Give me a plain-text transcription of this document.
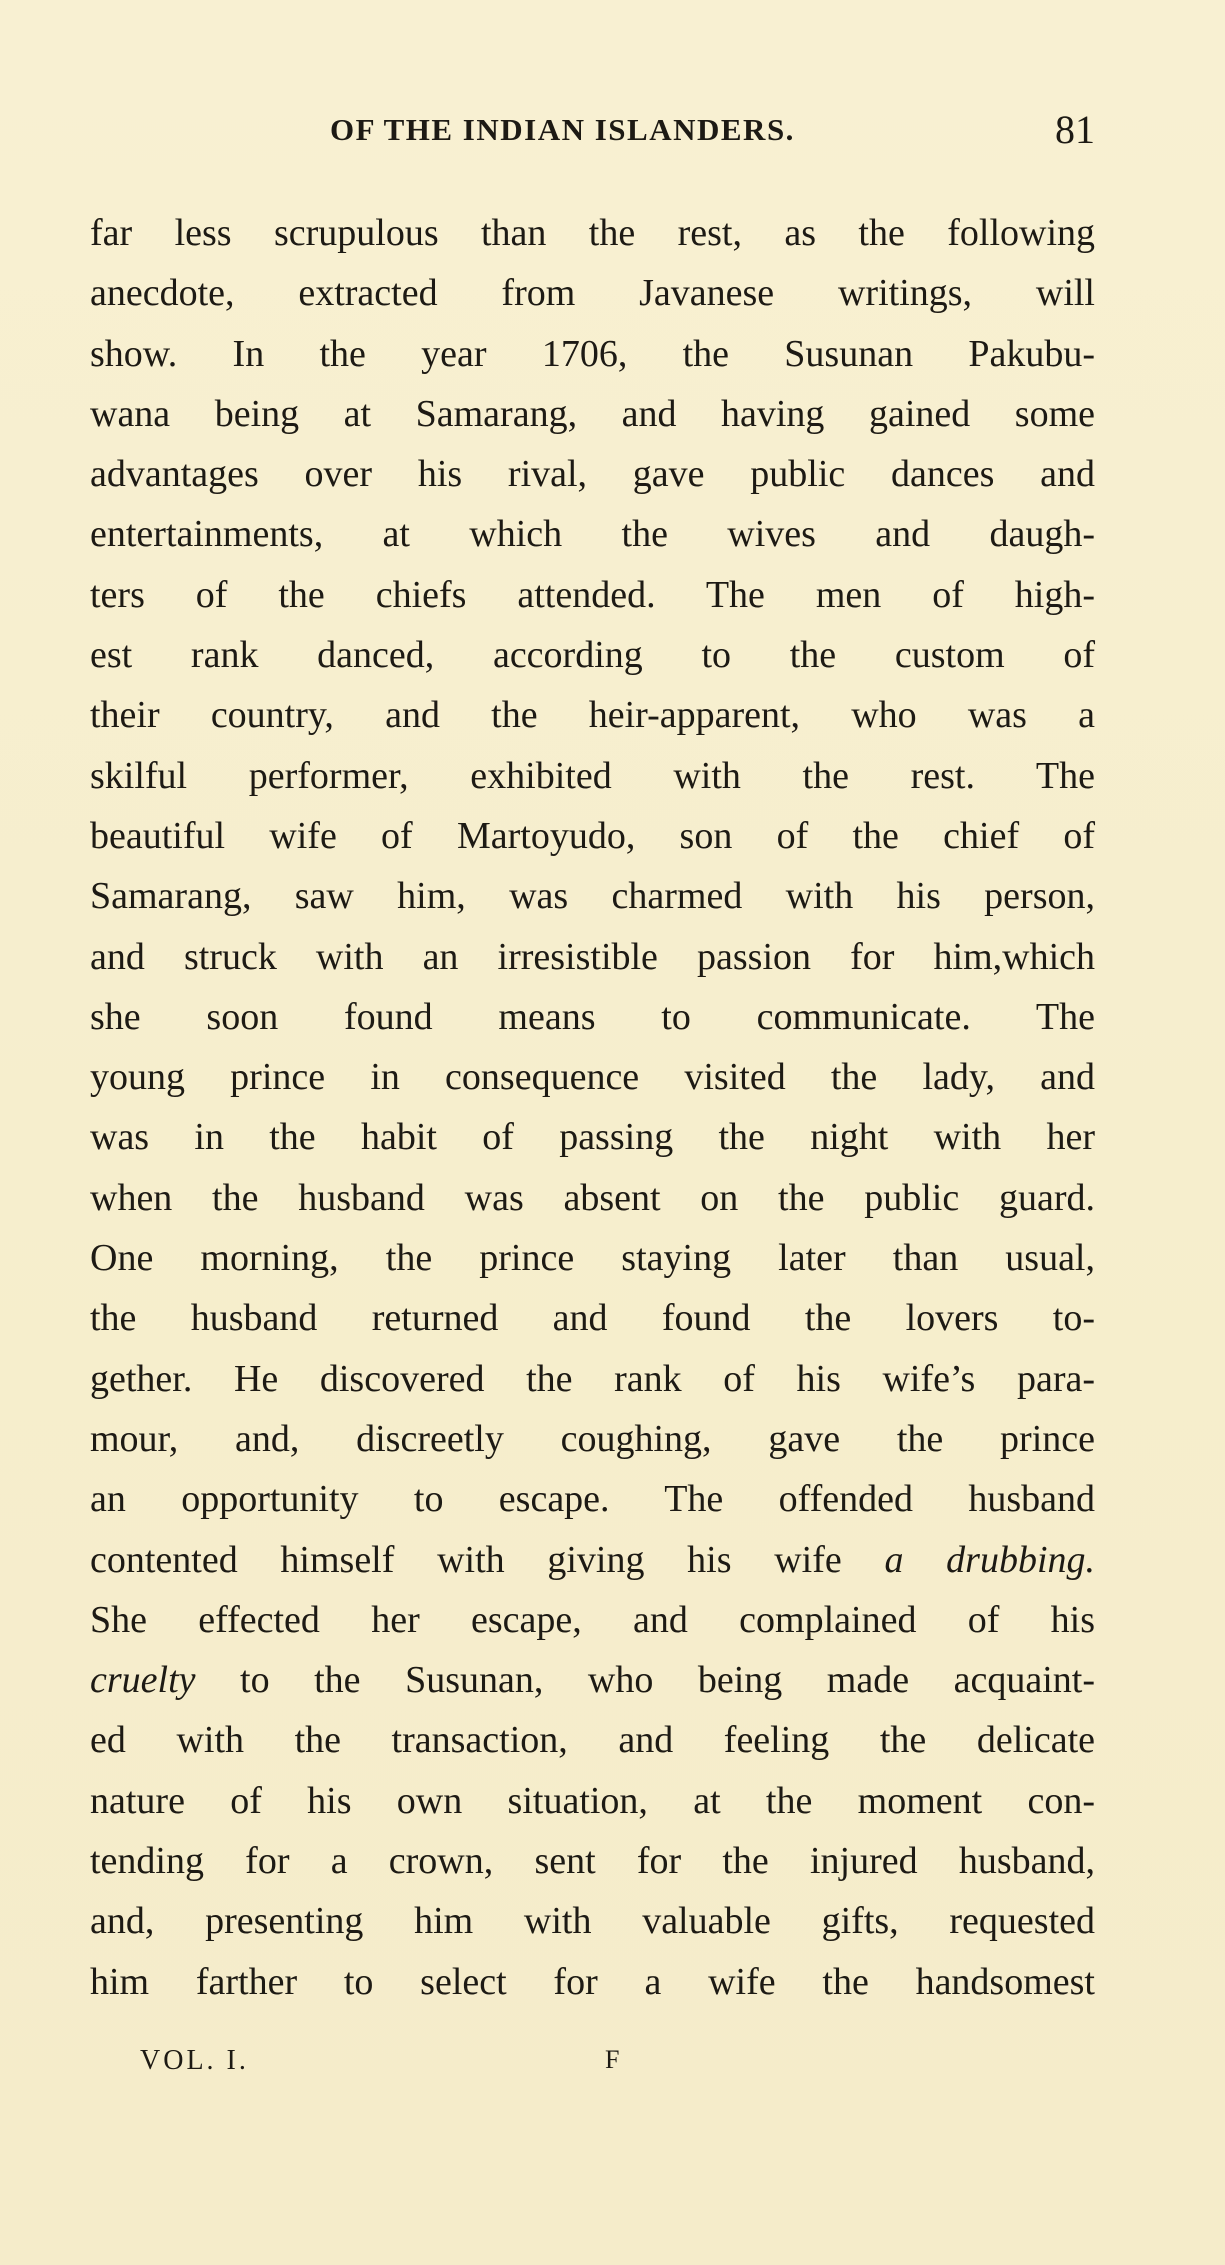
OF THE INDIAN ISLANDERS.	81
far less scrupulous than the rest, as the following
anecdote, extracted from Javanese writings, will
show. In the year 1706, the Susunan Pakubu-
wana being at Samarang, and having gained some
advantages over his rival, gave public dances and
entertainments, at which the wives and daugh-
ters of the chiefs attended. The men of high-
est rank danced, according to the custom of
their country, and the heir-apparent, who was a
skilful performer, exhibited with the rest. The
beautiful wife of Martoyudo, son of the chief of
Samarang, saw him, was charmed with his person,
and struck with an irresistible passion for him,which
she soon found means to communicate. The
young prince in consequence visited the lady, and
was in the habit of passing the night with her
when the husband was absent on the public guard.
One morning, the prince staying later than usual,
the husband returned and found the lovers to-
gether. He discovered the rank of his wife’s para-
mour, and, discreetly coughing, gave the prince
an opportunity to escape. The offended husband
contented himself with giving his wife a drubbing.
She effected her escape, and complained of his
cruelty to the Susunan, who being made acquaint-
ed with the transaction, and feeling the delicate
nature of his own situation, at the moment con-
tending for a crown, sent for the injured husband,
and, presenting him with valuable gifts, requested
him farther to select for a wife the handsomest
VOL. I.	F
